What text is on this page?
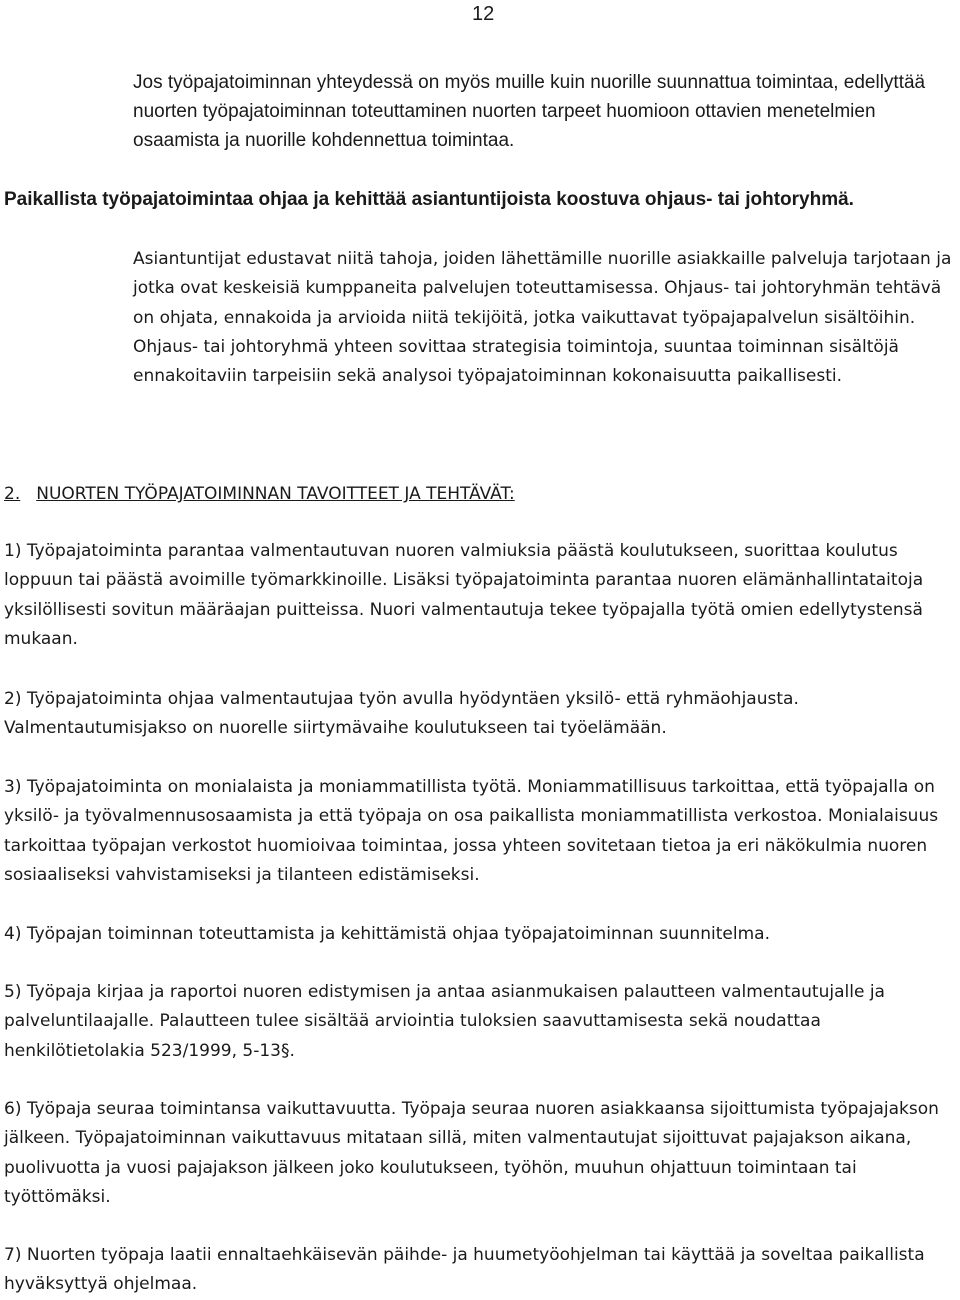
12

Jos työpajatoiminnan yhteydessä on myös muille kuin nuorille suunnattua toimintaa, edellyttää nuorten työpajatoiminnan toteuttaminen nuorten tarpeet huomioon ottavien menetelmien osaamista ja nuorille kohdennettua toimintaa.

Paikallista työpajatoimintaa ohjaa ja kehittää asiantuntijoista koostuva ohjaus- tai johtoryhmä.

Asiantuntijat edustavat niitä tahoja, joiden lähettämille nuorille asiakkaille palveluja tarjotaan ja jotka ovat keskeisiä kumppaneita palvelujen toteuttamisessa. Ohjaus- tai johtoryhmän tehtävä on ohjata, ennakoida ja arvioida niitä tekijöitä, jotka vaikuttavat työpajapalvelun sisältöihin. Ohjaus- tai johtoryhmä yhteen sovittaa strategisia toimintoja, suuntaa toiminnan sisältöjä ennakoitaviin tarpeisiin sekä analysoi työpajatoiminnan kokonaisuutta paikallisesti.

2. NUORTEN TYÖPAJATOIMINNAN TAVOITTEET JA TEHTÄVÄT:

1) Työpajatoiminta parantaa valmentautuvan nuoren valmiuksia päästä koulutukseen, suorittaa koulutus loppuun tai päästä avoimille työmarkkinoille. Lisäksi työpajatoiminta parantaa nuoren elämänhallintataitoja yksilöllisesti sovitun määräajan puitteissa. Nuori valmentautuja tekee työpajalla työtä omien edellytystensä mukaan.

2) Työpajatoiminta ohjaa valmentautujaa työn avulla hyödyntäen yksilö- että ryhmäohjausta. Valmentautumisjakso on nuorelle siirtymävaihe koulutukseen tai työelämään.

3) Työpajatoiminta on monialaista ja moniammatillista työtä. Moniammatillisuus tarkoittaa, että työpajalla on yksilö- ja työvalmennusosaamista ja että työpaja on osa paikallista moniammatillista verkostoa. Monialaisuus tarkoittaa työpajan verkostot huomioivaa toimintaa, jossa yhteen sovitetaan tietoa ja eri näkökulmia nuoren sosiaaliseksi vahvistamiseksi ja tilanteen edistämiseksi.

4) Työpajan toiminnan toteuttamista ja kehittämistä ohjaa työpajatoiminnan suunnitelma.

5) Työpaja kirjaa ja raportoi nuoren edistymisen ja antaa asianmukaisen palautteen valmentautujalle ja palveluntilaajalle. Palautteen tulee sisältää arviointia tuloksien saavuttamisesta sekä noudattaa henkilötietolakia 523/1999, 5-13§.

6) Työpaja seuraa toimintansa vaikuttavuutta. Työpaja seuraa nuoren asiakkaansa sijoittumista työpajajakson jälkeen. Työpajatoiminnan vaikuttavuus mitataan sillä, miten valmentautujat sijoittuvat pajajakson aikana, puolivuotta ja vuosi pajajakson jälkeen joko koulutukseen, työhön, muuhun ohjattuun toimintaan tai työttömäksi.

7) Nuorten työpaja laatii ennaltaehkäisevän päihde- ja huumetyöohjelman tai käyttää ja soveltaa paikallista hyväksyttyä ohjelmaa.
